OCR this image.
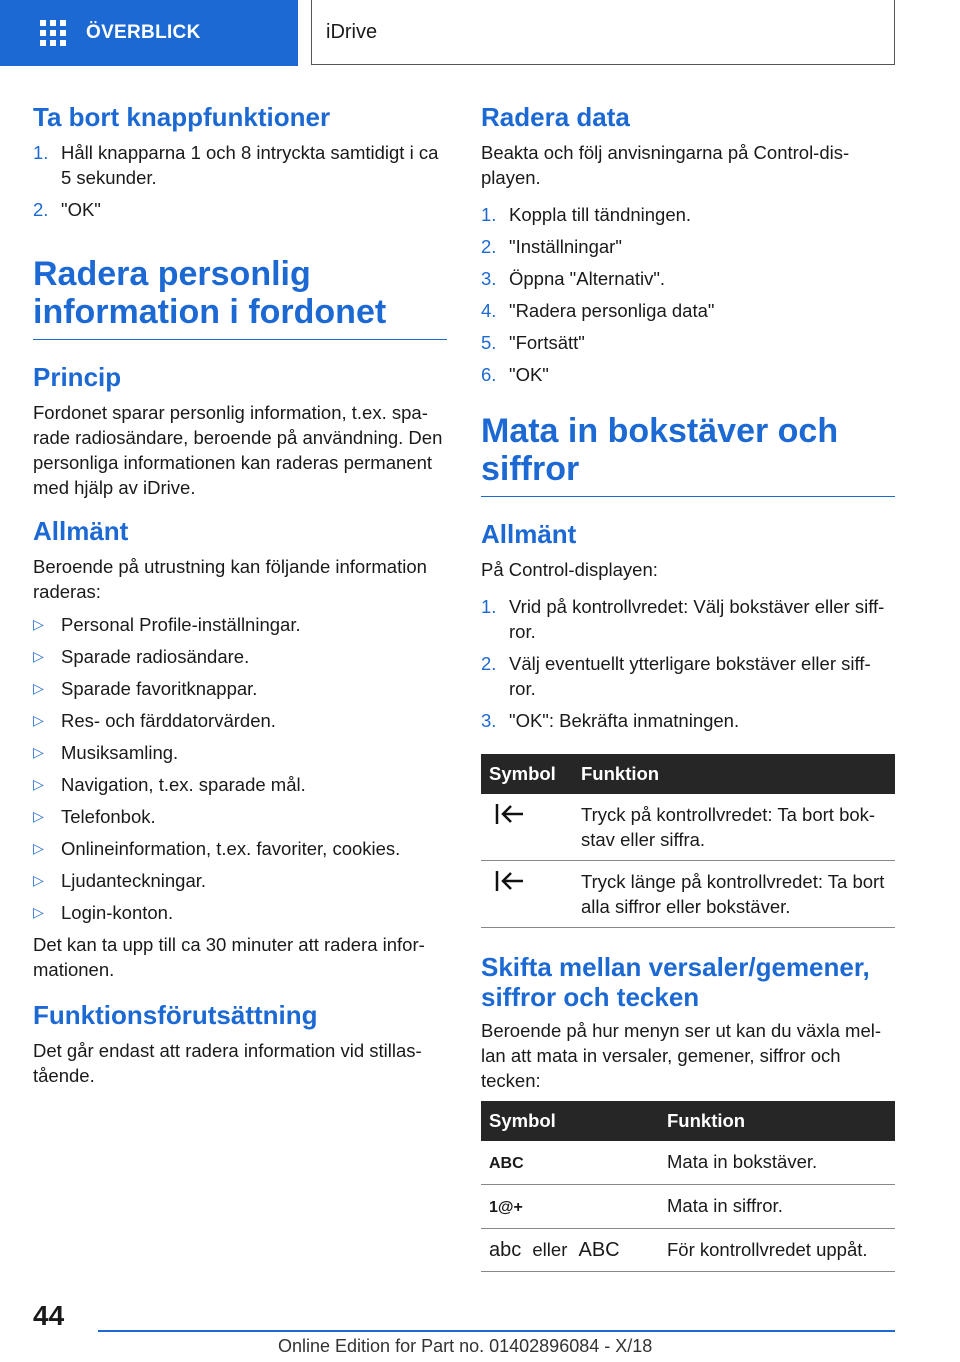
ÖVERBLICK	iDrive
Ta bort knappfunktioner
1. Håll knapparna 1 och 8 intryckta samtidigt i ca 5 sekunder.
2. "OK"
Radera personlig information i fordonet
Princip

Fordonet sparar personlig information, t.ex. spa-rade radiosändare, beroende på användning. Den personliga informationen kan raderas permanent med hjälp av iDrive.

Allmänt

Beroende på utrustning kan följande information raderas:

▷ Personal Profile-inställningar.
▷ Sparade radiosändare.
▷ Sparade favoritknappar.
▷ Res- och färddatorvärden.
▷ Musiksamling.
▷ Navigation, t.ex. sparade mål.
▷ Telefonbok.
▷ Onlineinformation, t.ex. favoriter, cookies.
▷ Ljudanteckningar.
▷ Login-konton.

Det kan ta upp till ca 30 minuter att radera infor-mationen.

Funktionsförutsättning

Det går endast att radera information vid stillas-tående.

Radera data

Beakta och följ anvisningarna på Control-dis-playen.

1. Koppla till tändningen.
2. "Inställningar"
3. Öppna "Alternativ".
4. "Radera personliga data"
5. "Fortsätt"
6. "OK"
Mata in bokstäver och siffror
Allmänt

På Control-displayen:

1. Vrid på kontrollvredet: Välj bokstäver eller siff-ror.
2. Välj eventuellt ytterligare bokstäver eller siff-ror.
3. "OK": Bekräfta inmatningen.
Symbol	Funktion
	Tryck på kontrollvredet: Ta bort bok-stav eller siffra.
	Tryck länge på kontrollvredet: Ta bort alla siffror eller bokstäver.
Skifta mellan versaler/gemener, siffror och tecken

Beroende på hur menyn ser ut kan du växla mel-lan att mata in versaler, gemener, siffror och tecken:

Symbol	Funktion
ABC	Mata in bokstäver.
1@+	Mata in siffror.
abc eller ABC	För kontrollvredet uppåt.
44
Online Edition for Part no. 01402896084 - X/18
